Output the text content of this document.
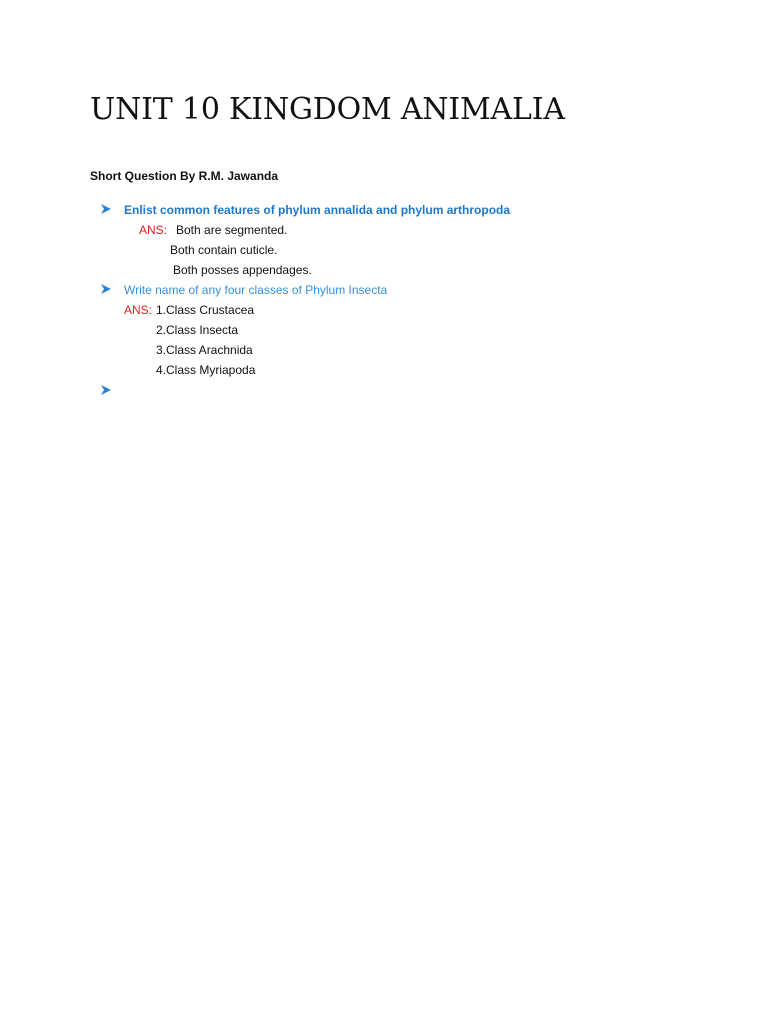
UNIT 10 KINGDOM ANIMALIA
Short Question By R.M. Jawanda
Enlist common features of phylum annalida and phylum arthropoda
ANS: Both are segmented.
Both contain cuticle.
Both posses appendages.
Write name of any four classes of Phylum Insecta
ANS: 1.Class Crustacea
2.Class Insecta
3.Class Arachnida
4.Class Myriapoda
